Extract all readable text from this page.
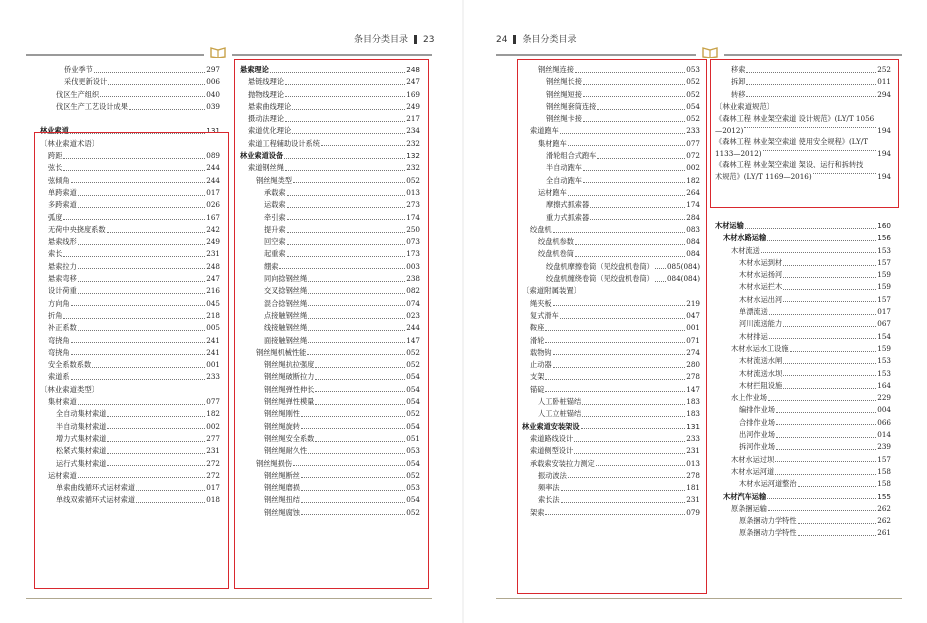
条目分类目录 23
侨业季节	297
采伐更新设计	006
伐区生产组织	040
伐区生产工艺设计成果	039
林业索道	131
〔林业索道术语〕
跨距	089
弦长	244
弦倾角	244
单跨索道	017
多跨索道	026
弧度	167
无荷中央挠度系数	242
悬索线形	249
索长	231
悬索拉力	248
悬索弯移	247
设计荷重	216
方向角	045
折角	218
补正系数	005
弯挠角	241
弯挠角	241
安全系数系数	001
索道系	233
〔林业索道类型〕
集材索道	077
全自动集材索道	182
半自动集材索道	002
增力式集材索道	277
松紧式集材索道	231
运行式集材索道	272
运材索道	272
单索曲线循环式运材索道	017
单线双索循环式运材索道	018
悬索理论	248
悬链线理论	247
抛物线理论	169
悬索曲线理论	249
摄动法理论	217
索道优化理论	234
索道工程辅助设计系统	232
林业索道设备	132
索道钢丝绳	232
钢丝绳类型	052
承载索	013
运载索	273
牵引索	174
提升索	250
回空索	073
起重索	173
绷索	003
同向捻钢丝绳	238
交叉捻钢丝绳	082
混合捻钢丝绳	074
点接触钢丝绳	023
线接触钢丝绳	244
面接触钢丝绳	147
钢丝绳机械性能	052
钢丝绳抗拉强度	052
钢丝绳破断拉力	054
钢丝绳弹性伸长	054
钢丝绳弹性模量	054
钢丝绳刚性	052
钢丝绳旋转	054
钢丝绳安全系数	051
钢丝绳耐久性	053
钢丝绳损伤	054
钢丝绳断丝	052
钢丝绳磨损	053
钢丝绳扭结	054
钢丝绳腐蚀	052
24 条目分类目录
钢丝绳连接	053
钢丝绳长接	052
钢丝绳短接	052
钢丝绳套筒连接	054
钢丝绳卡接	052
索道跑车	233
集材跑车	077
滑轮组合式跑车	072
半自动跑车	002
全自动跑车	182
运材跑车	264
摩擦式抓索器	174
重力式抓索器	284
绞盘机	083
绞盘机参数	084
绞盘机卷筒	084
绞盘机摩擦卷筒（见绞盘机卷筒） 085(084)
绞盘机缠绕卷筒（见绞盘机卷筒） 084(084)
〔索道附属装置〕
绳夹板	219
复式滑车	047
鞍座	001
滑轮	071
载物钩	274
止动器	280
支架	278
锚碇	147
人工卧桩锚结	183
人工立桩锚结	183
林业索道安装架设	131
索道路线设计	233
索道侧型设计	231
承载索安装拉力测定	013
振动波法	278
频率法	181
索长法	231
架索	079
移索	252
拆卸	011
转移	294
〔林业索道规范〕
《森林工程 林业架空索道 设计规范》(LY/T 1056
—2012)	194
《森林工程 林业架空索道 使用安全规程》(LY/T
1133—2012)	194
《森林工程 林业架空索道 架设、运行和拆转技
术规范》(LY/T 1169—2016)	194
木材运输	160
木材水路运输	156
木材流送	153
木材水运到材	157
木材水运扬河	159
木材水运拦木	159
木材水运出河	157
单漂流送	017
河川流送能力	067
木材排运	154
木材水运水工设施	159
木材流送水闸	153
木材流送水坝	153
木材拦阻设施	164
水上作业场	229
编排作业场	004
合排作业场	066
出河作业场	014
拆河作业场	239
木材水运过坝	157
木材水运河道	158
木材水运河道整治	158
木材汽车运输	155
原条捆运输	262
原条捆动力学特性	262
原条捆动力学特性	261
